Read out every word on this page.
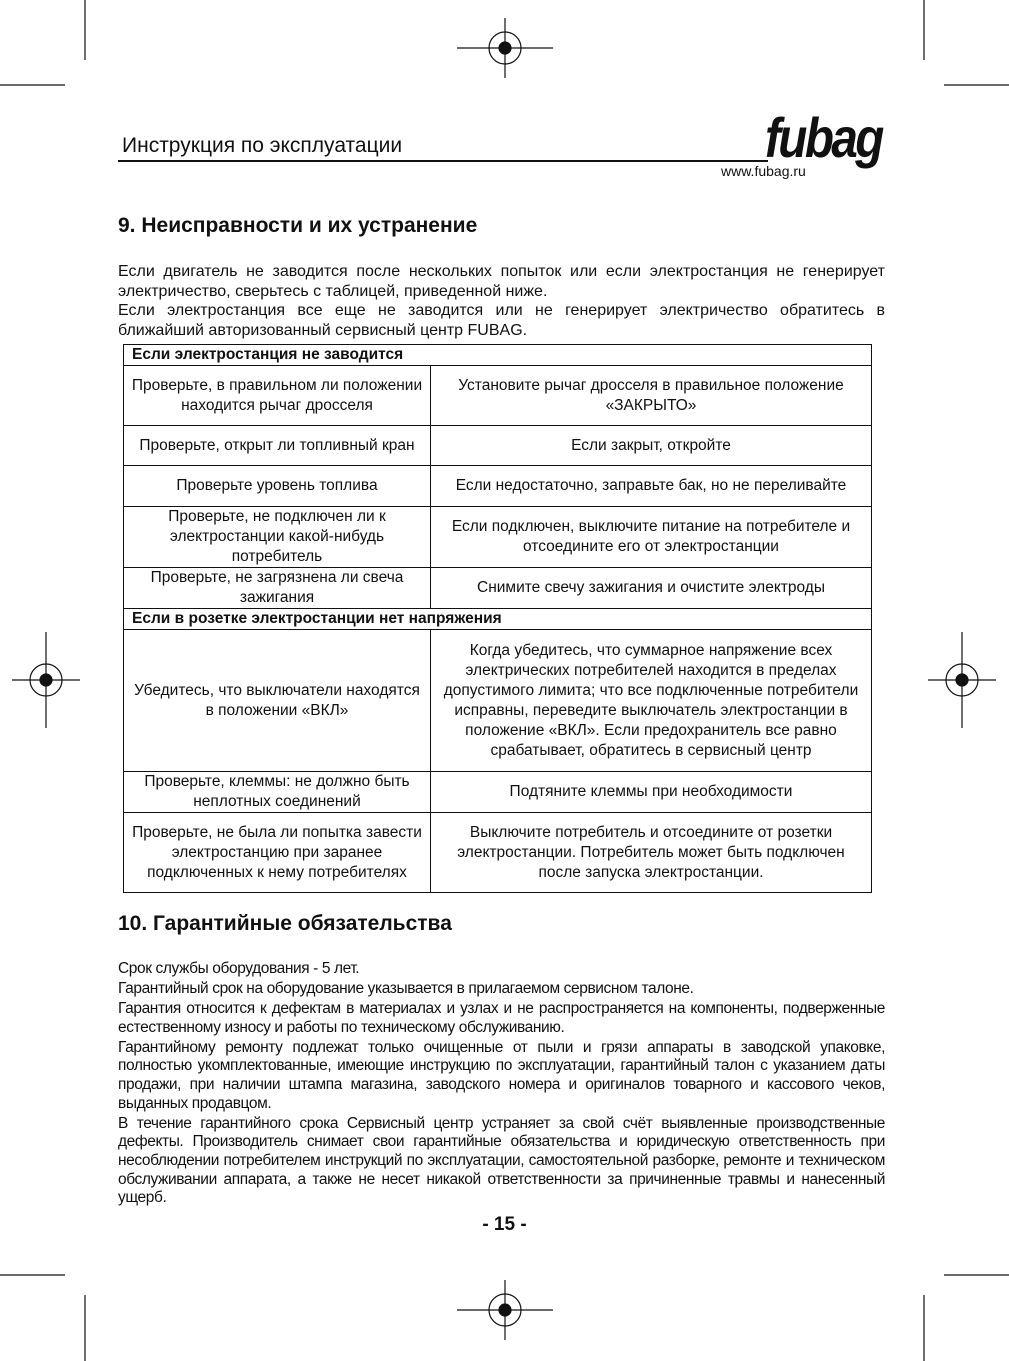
Инструкция по эксплуатации	fubag
www.fubag.ru
9. Неисправности и их устранение

Если двигатель не заводится после нескольких попыток или если электростанция не генерирует электричество, сверьтесь с таблицей, приведенной ниже.

Если электростанция все еще не заводится или не генерирует электричество обратитесь в ближайший авторизованный сервисный центр FUBAG.

Если электростанция не заводится	
Проверьте, в правильном ли положении находится рычаг дросселя	Установите рычаг дросселя в правильное положение «ЗАКРЫТО»
Проверьте, открыт ли топливный кран	Если закрыт, откройте
Проверьте уровень топлива	Если недостаточно, заправьте бак, но не переливайте
Проверьте, не подключен ли к электростанции какой-нибудь потребитель	Если подключен, выключите питание на потребителе и отсоедините его от электростанции
Проверьте, не загрязнена ли свеча зажигания	Снимите свечу зажигания и очистите электроды
Если в розетке электростанции нет напряжения	
Убедитесь, что выключатели находятся в положении «ВКЛ»	Когда убедитесь, что суммарное напряжение всех электрических потребителей находится в пределах допустимого лимита; что все подключенные потребители исправны, переведите выключатель электростанции в положение «ВКЛ». Если предохранитель все равно срабатывает, обратитесь в сервисный центр
Проверьте, клеммы: не должно быть неплотных соединений	Подтяните клеммы при необходимости
Проверьте, не была ли попытка завести электростанцию при заранее подключенных к нему потребителях	Выключите потребитель и отсоедините от розетки электростанции. Потребитель может быть подключен после запуска электростанции.
10. Гарантийные обязательства

Срок службы оборудования - 5 лет.

Гарантийный срок на оборудование указывается в прилагаемом сервисном талоне.

Гарантия относится к дефектам в материалах и узлах и не распространяется на компоненты, подверженные естественному износу и работы по техническому обслуживанию.

Гарантийному ремонту подлежат только очищенные от пыли и грязи аппараты в заводской упаковке, полностью укомплектованные, имеющие инструкцию по эксплуатации, гарантийный талон с указанием даты продажи, при наличии штампа магазина, заводского номера и оригиналов товарного и кассового чеков, выданных продавцом.

В течение гарантийного срока Сервисный центр устраняет за свой счёт выявленные производственные дефекты. Производитель снимает свои гарантийные обязательства и юридическую ответственность при несоблюдении потребителем инструкций по эксплуатации, самостоятельной разборке, ремонте и техническом обслуживании аппарата, а также не несет никакой ответственности за причиненные травмы и нанесенный ущерб.

- 15 -
